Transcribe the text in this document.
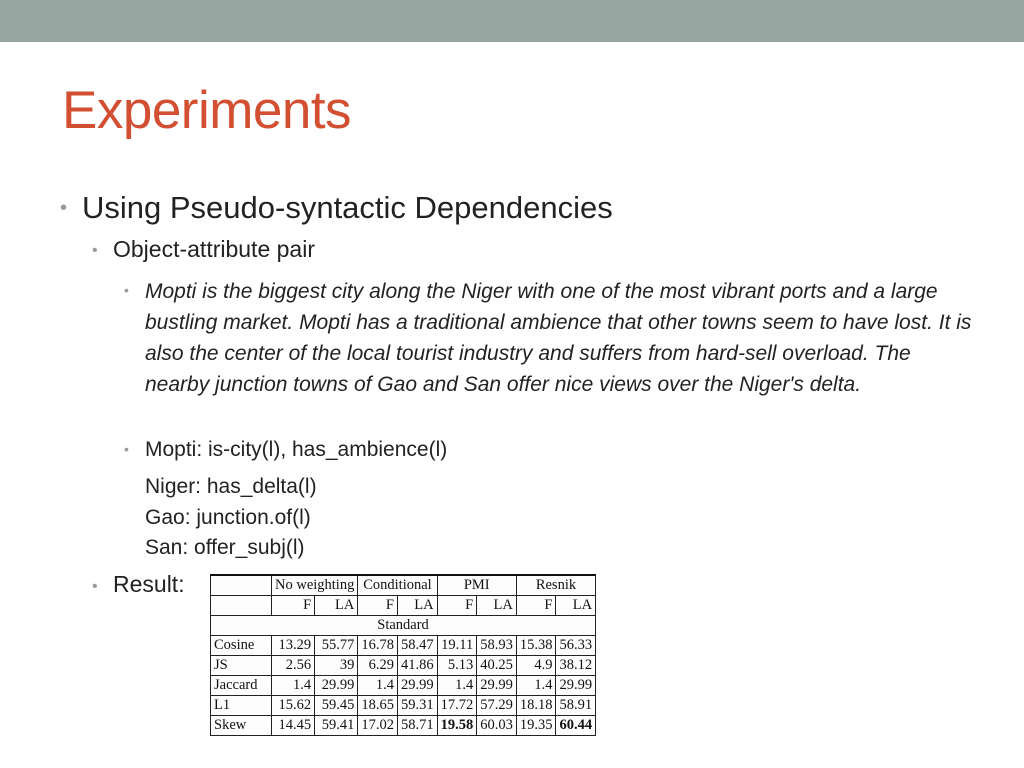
Experiments
• Using Pseudo-syntactic Dependencies
• Object-attribute pair
• Mopti is the biggest city along the Niger with one of the most vibrant ports and a large bustling market. Mopti has a traditional ambience that other towns seem to have lost. It is also the center of the local tourist industry and suffers from hard-sell overload. The nearby junction towns of Gao and San offer nice views over the Niger's delta.
• Mopti: is-city(l), has_ambience(l)
Niger: has_delta(l)
Gao: junction.of(l)
San: offer_subj(l)
• Result:
		No weighting		Conditional		PMI		Resnik	
	F	LA	F	LA	F	LA	F	LA
Standard								
Cosine	13.29	55.77	16.78	58.47	19.11	58.93	15.38	56.33
JS	2.56	39	6.29	41.86	5.13	40.25	4.9	38.12
Jaccard	1.4	29.99	1.4	29.99	1.4	29.99	1.4	29.99
L1	15.62	59.45	18.65	59.31	17.72	57.29	18.18	58.91
Skew	14.45	59.41	17.02	58.71	19.58	60.03	19.35	60.44
